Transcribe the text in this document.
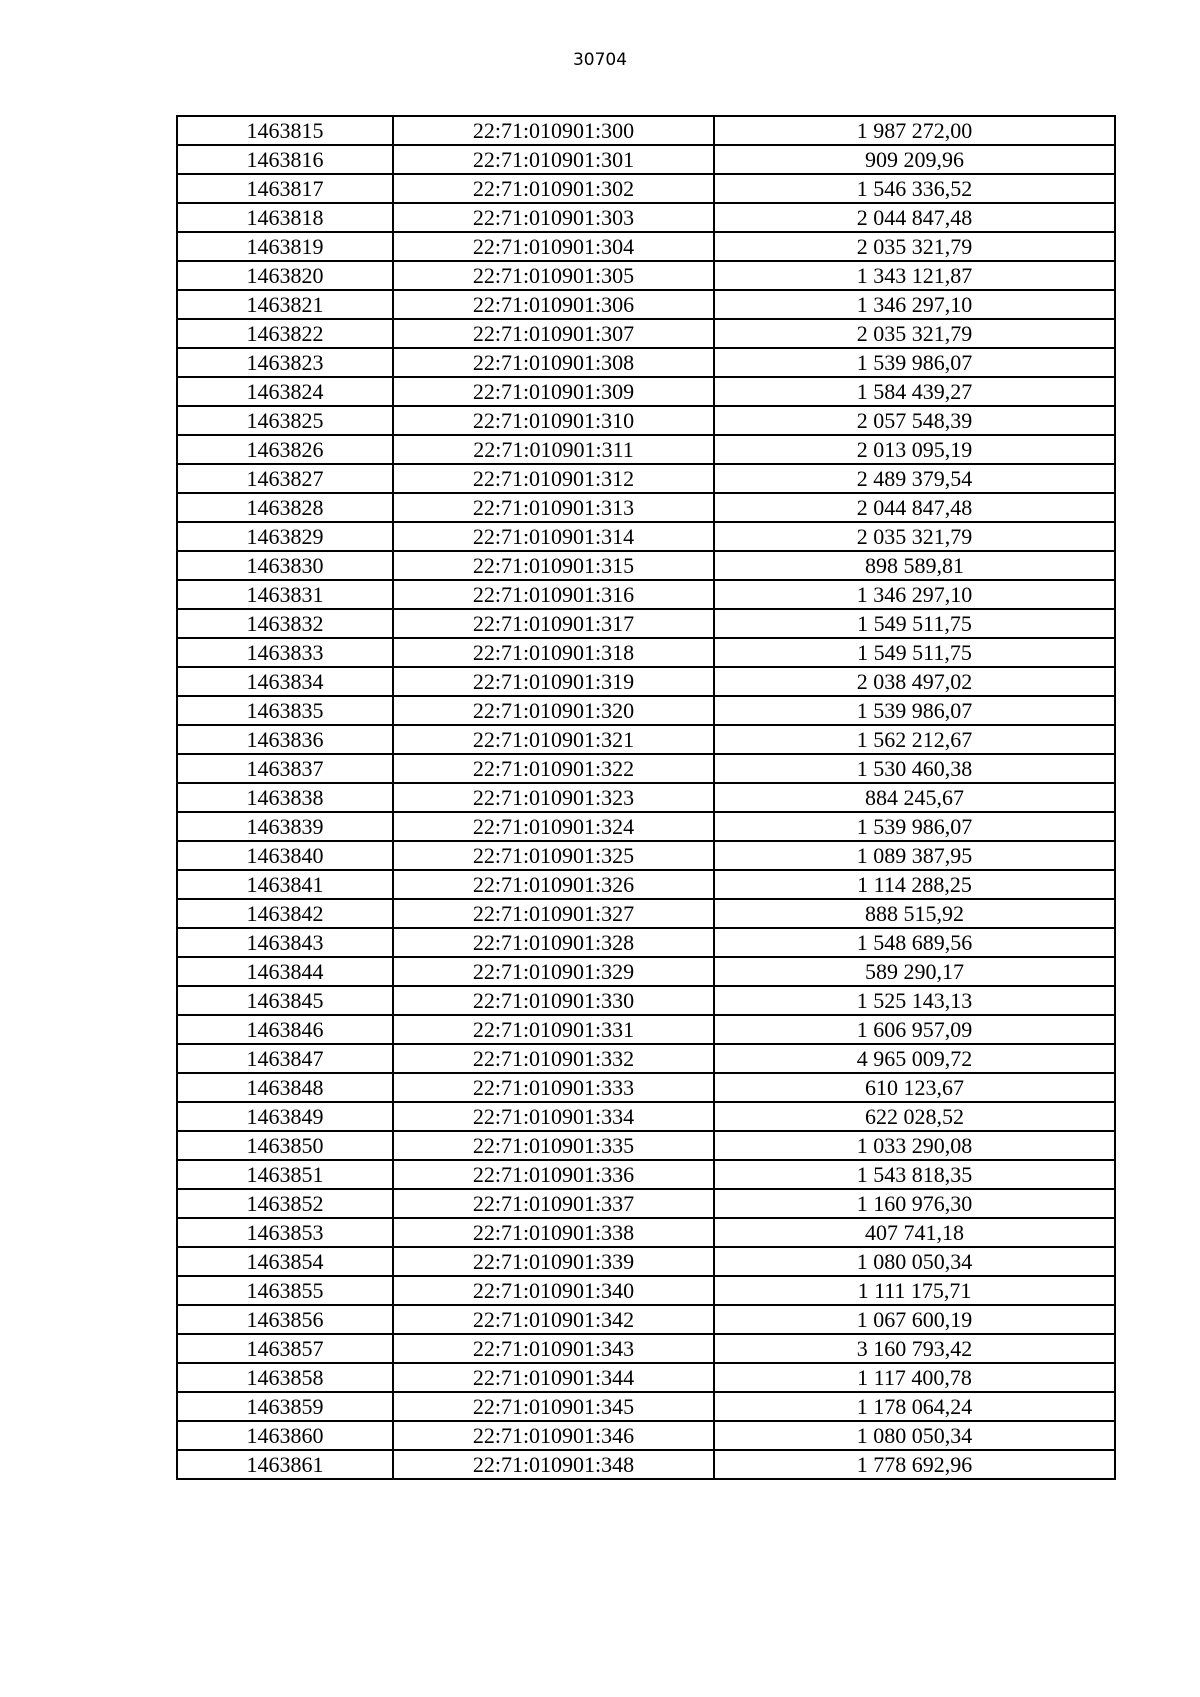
30704
1463815	22:71:010901:300	1 987 272,00
1463816	22:71:010901:301	909 209,96
1463817	22:71:010901:302	1 546 336,52
1463818	22:71:010901:303	2 044 847,48
1463819	22:71:010901:304	2 035 321,79
1463820	22:71:010901:305	1 343 121,87
1463821	22:71:010901:306	1 346 297,10
1463822	22:71:010901:307	2 035 321,79
1463823	22:71:010901:308	1 539 986,07
1463824	22:71:010901:309	1 584 439,27
1463825	22:71:010901:310	2 057 548,39
1463826	22:71:010901:311	2 013 095,19
1463827	22:71:010901:312	2 489 379,54
1463828	22:71:010901:313	2 044 847,48
1463829	22:71:010901:314	2 035 321,79
1463830	22:71:010901:315	898 589,81
1463831	22:71:010901:316	1 346 297,10
1463832	22:71:010901:317	1 549 511,75
1463833	22:71:010901:318	1 549 511,75
1463834	22:71:010901:319	2 038 497,02
1463835	22:71:010901:320	1 539 986,07
1463836	22:71:010901:321	1 562 212,67
1463837	22:71:010901:322	1 530 460,38
1463838	22:71:010901:323	884 245,67
1463839	22:71:010901:324	1 539 986,07
1463840	22:71:010901:325	1 089 387,95
1463841	22:71:010901:326	1 114 288,25
1463842	22:71:010901:327	888 515,92
1463843	22:71:010901:328	1 548 689,56
1463844	22:71:010901:329	589 290,17
1463845	22:71:010901:330	1 525 143,13
1463846	22:71:010901:331	1 606 957,09
1463847	22:71:010901:332	4 965 009,72
1463848	22:71:010901:333	610 123,67
1463849	22:71:010901:334	622 028,52
1463850	22:71:010901:335	1 033 290,08
1463851	22:71:010901:336	1 543 818,35
1463852	22:71:010901:337	1 160 976,30
1463853	22:71:010901:338	407 741,18
1463854	22:71:010901:339	1 080 050,34
1463855	22:71:010901:340	1 111 175,71
1463856	22:71:010901:342	1 067 600,19
1463857	22:71:010901:343	3 160 793,42
1463858	22:71:010901:344	1 117 400,78
1463859	22:71:010901:345	1 178 064,24
1463860	22:71:010901:346	1 080 050,34
1463861	22:71:010901:348	1 778 692,96
